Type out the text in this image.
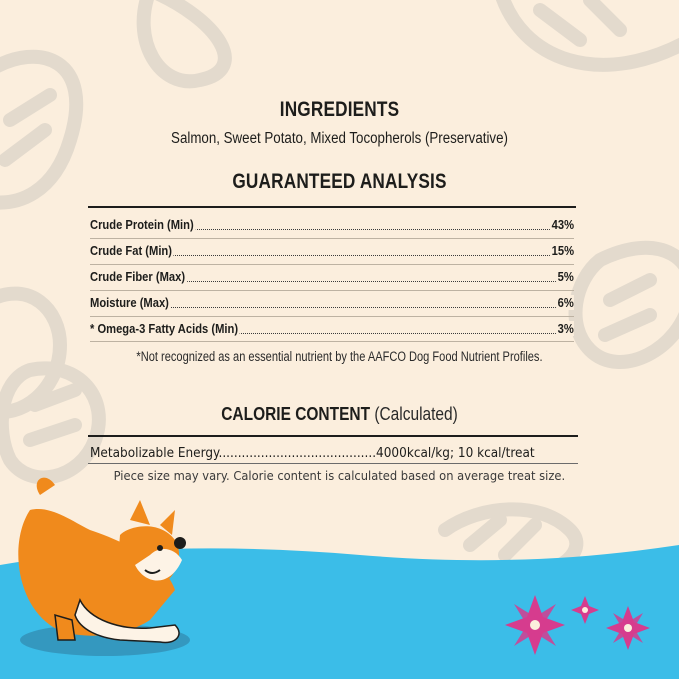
INGREDIENTS
Salmon, Sweet Potato, Mixed Tocopherols (Preservative)
GUARANTEED ANALYSIS
Crude Protein (Min)	43%
Crude Fat (Min)	15%
Crude Fiber (Max)	5%
Moisture (Max)	6%
* Omega-3 Fatty Acids (Min)	3%
*Not recognized as an essential nutrient by the AAFCO Dog Food Nutrient Profiles.
CALORIE CONTENT (Calculated)
Metabolizable Energy.........................................4000kcal/kg; 10 kcal/treat
Piece size may vary. Calorie content is calculated based on average treat size.
